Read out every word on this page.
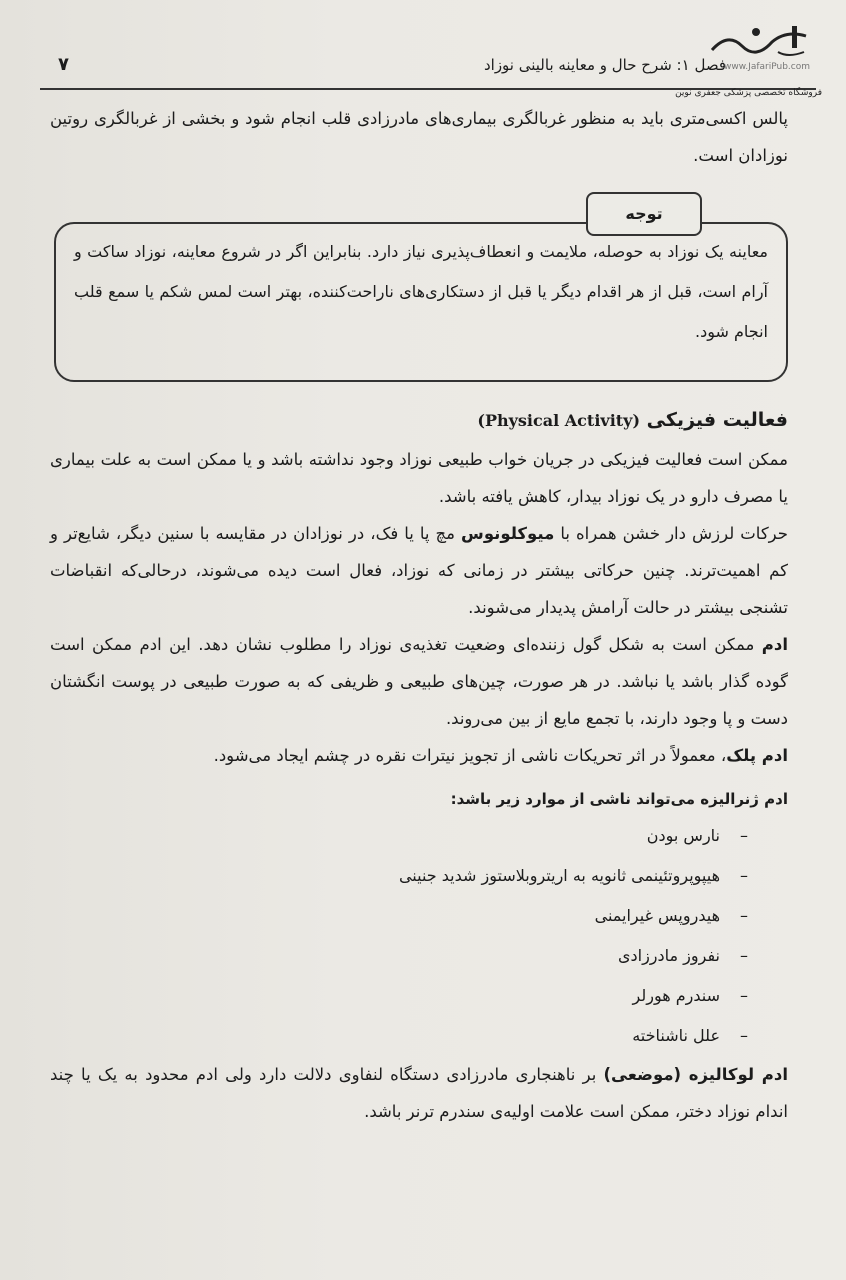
۷	فصل ۱: شرح حال و معاینه بالینی نوزاد
www.JafariPub.com
فروشگاه تخصصی پزشکی جعفری نوین

پالس اکسی‌متری باید به منظور غربالگری بیماری‌های مادرزادی قلب انجام شود و بخشی از غربالگری روتین نوزادان است.

توجه
معاینه یک نوزاد به حوصله، ملایمت و انعطاف‌پذیری نیاز دارد. بنابراین اگر در شروع معاینه، نوزاد ساکت و آرام است، قبل از هر اقدام دیگر یا قبل از دستکاری‌های ناراحت‌کننده، بهتر است لمس شکم یا سمع قلب انجام شود.
فعالیت فیزیکی (Physical Activity)

ممکن است فعالیت فیزیکی در جریان خواب طبیعی نوزاد وجود نداشته باشد و یا ممکن است به علت بیماری یا مصرف دارو در یک نوزاد بیدار، کاهش یافته باشد.

حرکات لرزش دار خشن همراه با میوکلونوس مچ پا یا فک، در نوزادان در مقایسه با سنین دیگر، شایع‌تر و کم اهمیت‌ترند. چنین حرکاتی بیشتر در زمانی که نوزاد، فعال است دیده می‌شوند، درحالی‌که انقباضات تشنجی بیشتر در حالت آرامش پدیدار می‌شوند.

ادم ممکن است به شکل گول زننده‌ای وضعیت تغذیه‌ی نوزاد را مطلوب نشان دهد. این ادم ممکن است گوده گذار باشد یا نباشد. در هر صورت، چین‌های طبیعی و ظریفی که به صورت طبیعی در پوست انگشتان دست و پا وجود دارند، با تجمع مایع از بین می‌روند.

ادم پلک، معمولاً در اثر تحریکات ناشی از تجویز نیترات نقره در چشم ایجاد می‌شود.

ادم ژنرالیزه می‌تواند ناشی از موارد زیر باشد:
–نارس بودن
–هیپوپروتئینمی ثانویه به اریتروبلاستوز شدید جنینی
–هیدروپس غیرایمنی
–نفروز مادرزادی
–سندرم هورلر
–علل ناشناخته

ادم لوکالیزه (موضعی) بر ناهنجاری مادرزادی دستگاه لنفاوی دلالت دارد ولی ادم محدود به یک یا چند اندام نوزاد دختر، ممکن است علامت اولیه‌ی سندرم ترنر باشد.
